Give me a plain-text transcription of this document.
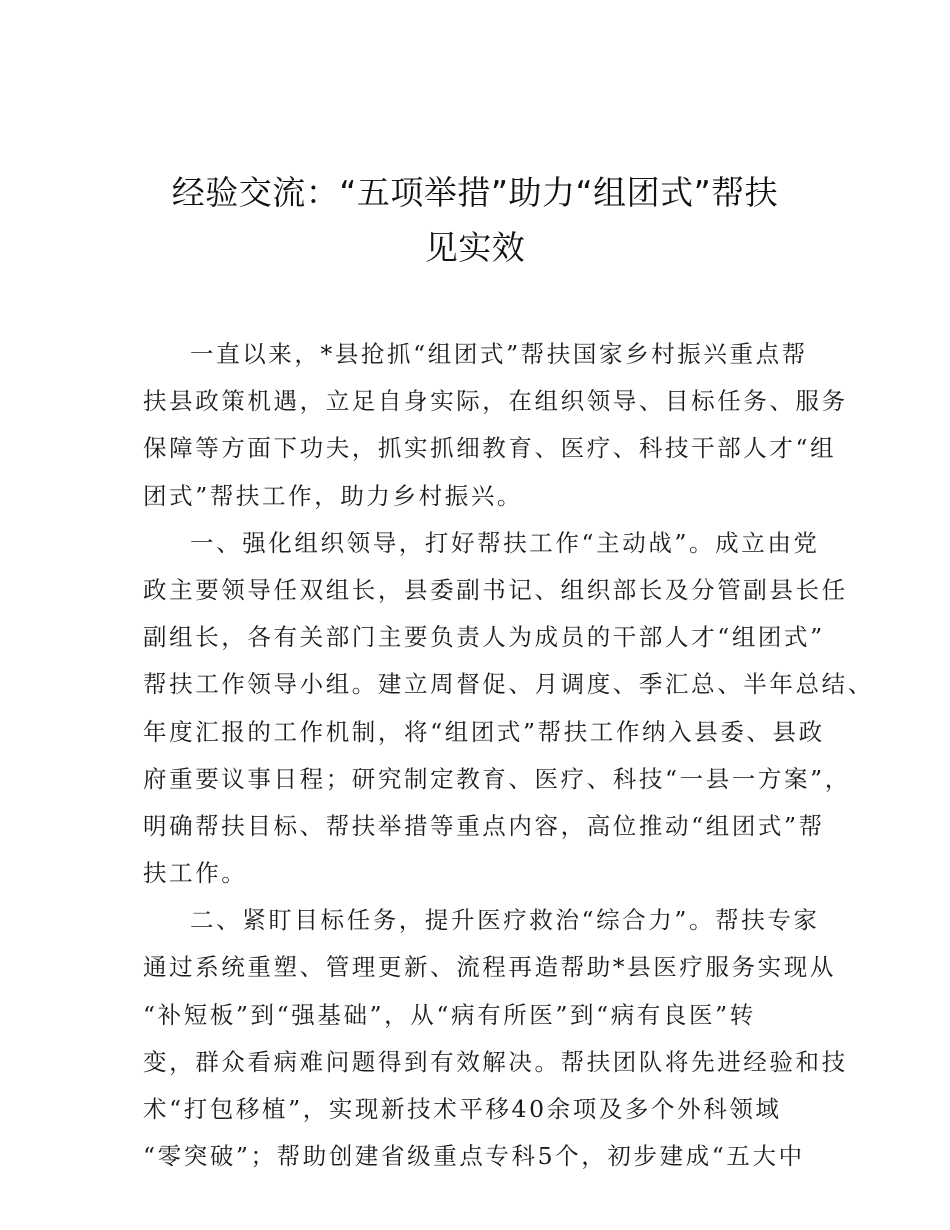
经验交流：“五项举措”助力“组团式”帮扶
见实效
一直以来，*县抢抓“组团式”帮扶国家乡村振兴重点帮
扶县政策机遇，立足自身实际，在组织领导、目标任务、服务
保障等方面下功夫，抓实抓细教育、医疗、科技干部人才“组
团式”帮扶工作，助力乡村振兴。
一、强化组织领导，打好帮扶工作“主动战”。成立由党
政主要领导任双组长，县委副书记、组织部长及分管副县长任
副组长，各有关部门主要负责人为成员的干部人才“组团式”
帮扶工作领导小组。建立周督促、月调度、季汇总、半年总结、
年度汇报的工作机制，将“组团式”帮扶工作纳入县委、县政
府重要议事日程；研究制定教育、医疗、科技“一县一方案”，
明确帮扶目标、帮扶举措等重点内容，高位推动“组团式”帮
扶工作。
二、紧盯目标任务，提升医疗救治“综合力”。帮扶专家
通过系统重塑、管理更新、流程再造帮助*县医疗服务实现从
“补短板”到“强基础”，从“病有所医”到“病有良医”转
变，群众看病难问题得到有效解决。帮扶团队将先进经验和技
术“打包移植”，实现新技术平移40余项及多个外科领域
“零突破”；帮助创建省级重点专科5个，初步建成“五大中
